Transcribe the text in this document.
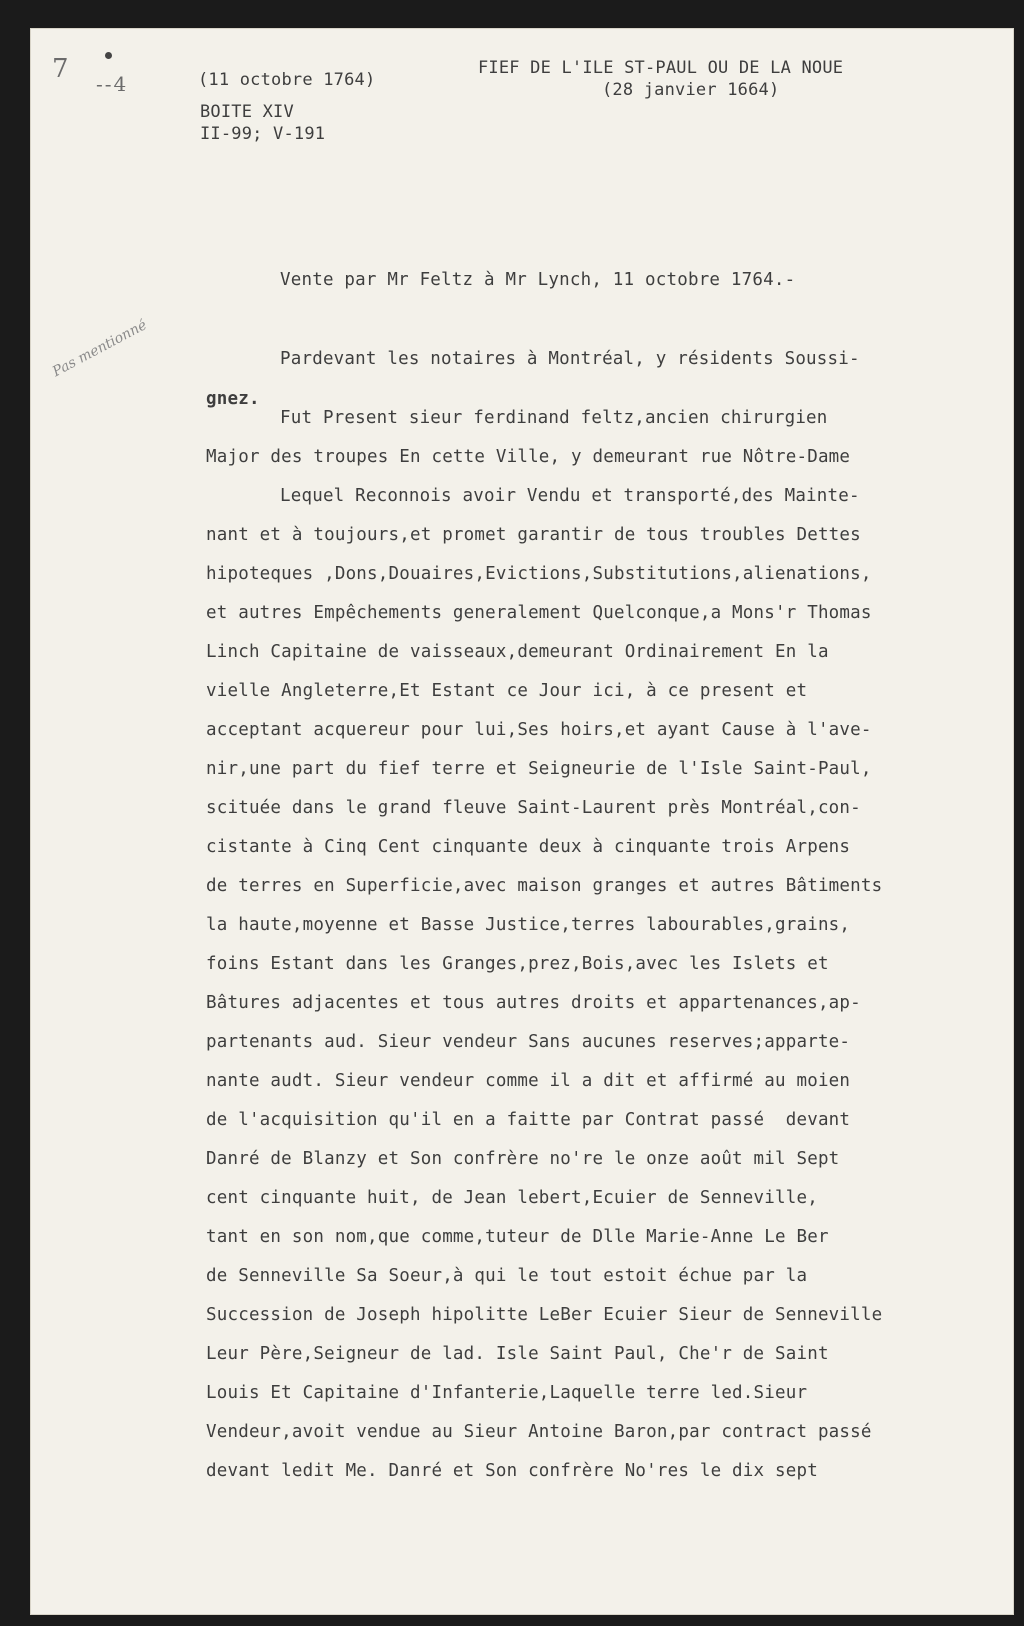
7 --4	(11 octobre 1764)
BOITE XIV
II-99; V-191
FIEF DE L'ILE ST-PAUL OU DE LA NOUE
(28 janvier 1664)
Pas mentionné
Vente par Mr Feltz à Mr Lynch, 11 octobre 1764.-
Pardevant les notaires à Montréal, y résidents Soussi-
gnez.
Fut Present sieur ferdinand feltz,ancien chirurgien
Major des troupes En cette Ville, y demeurant rue Nôtre-Dame
Lequel Reconnois avoir Vendu et transporté,des Mainte-
nant et à toujours,et promet garantir de tous troubles Dettes
hipoteques ,Dons,Douaires,Evictions,Substitutions,alienations,
et autres Empêchements generalement Quelconque,a Mons'r Thomas
Linch Capitaine de vaisseaux,demeurant Ordinairement En la
vielle Angleterre,Et Estant ce Jour ici, à ce present et
acceptant acquereur pour lui,Ses hoirs,et ayant Cause à l'ave-
nir,une part du fief terre et Seigneurie de l'Isle Saint-Paul,
scituée dans le grand fleuve Saint-Laurent près Montréal,con-
cistante à Cinq Cent cinquante deux à cinquante trois Arpens
de terres en Superficie,avec maison granges et autres Bâtiments
la haute,moyenne et Basse Justice,terres labourables,grains,
foins Estant dans les Granges,prez,Bois,avec les Islets et
Bâtures adjacentes et tous autres droits et appartenances,ap-
partenants aud. Sieur vendeur Sans aucunes reserves;apparte-
nante audt. Sieur vendeur comme il a dit et affirmé au moien
de l'acquisition qu'il en a faitte par Contrat passé  devant
Danré de Blanzy et Son confrère no're le onze août mil Sept
cent cinquante huit, de Jean lebert,Ecuier de Senneville,
tant en son nom,que comme,tuteur de Dlle Marie-Anne Le Ber
de Senneville Sa Soeur,à qui le tout estoit échue par la
Succession de Joseph hipolitte LeBer Ecuier Sieur de Senneville
Leur Père,Seigneur de lad. Isle Saint Paul, Che'r de Saint
Louis Et Capitaine d'Infanterie,Laquelle terre led.Sieur
Vendeur,avoit vendue au Sieur Antoine Baron,par contract passé
devant ledit Me. Danré et Son confrère No'res le dix sept
